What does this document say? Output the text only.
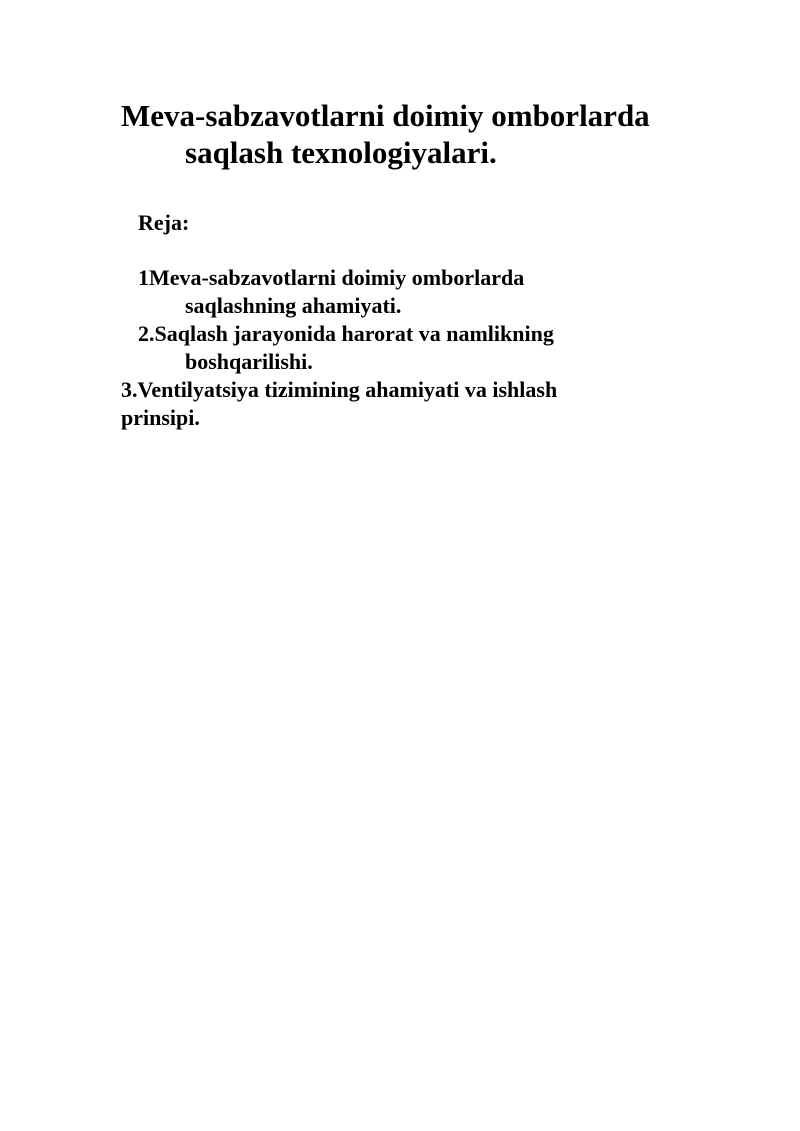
Meva-sabzavotlarni doimiy omborlarda
saqlash texnologiyalari.

Reja:

1Meva-sabzavotlarni doimiy omborlarda
saqlashning ahamiyati.
2.Saqlash jarayonida harorat va namlikning
boshqarilishi.
3.Ventilyatsiya tizimining ahamiyati va ishlash
prinsipi.
